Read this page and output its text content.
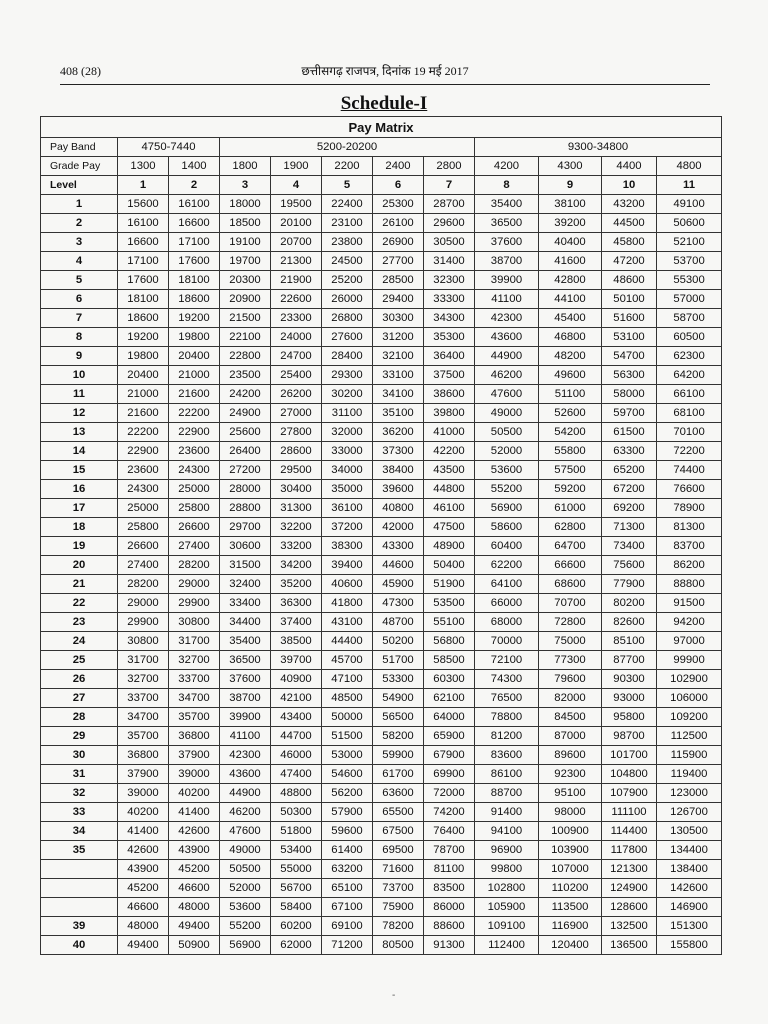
408 (28)	छत्तीसगढ़ राजपत्र, दिनांक 19 मई 2017
Schedule-I
Pay Matrix											
Pay Band	4750-7440		5200-20200					9300-34800			
Grade Pay	1300	1400	1800	1900	2200	2400	2800	4200	4300	4400	4800
Level	1	2	3	4	5	6	7	8	9	10	11
1	15600	16100	18000	19500	22400	25300	28700	35400	38100	43200	49100
2	16100	16600	18500	20100	23100	26100	29600	36500	39200	44500	50600
3	16600	17100	19100	20700	23800	26900	30500	37600	40400	45800	52100
4	17100	17600	19700	21300	24500	27700	31400	38700	41600	47200	53700
5	17600	18100	20300	21900	25200	28500	32300	39900	42800	48600	55300
6	18100	18600	20900	22600	26000	29400	33300	41100	44100	50100	57000
7	18600	19200	21500	23300	26800	30300	34300	42300	45400	51600	58700
8	19200	19800	22100	24000	27600	31200	35300	43600	46800	53100	60500
9	19800	20400	22800	24700	28400	32100	36400	44900	48200	54700	62300
10	20400	21000	23500	25400	29300	33100	37500	46200	49600	56300	64200
11	21000	21600	24200	26200	30200	34100	38600	47600	51100	58000	66100
12	21600	22200	24900	27000	31100	35100	39800	49000	52600	59700	68100
13	22200	22900	25600	27800	32000	36200	41000	50500	54200	61500	70100
14	22900	23600	26400	28600	33000	37300	42200	52000	55800	63300	72200
15	23600	24300	27200	29500	34000	38400	43500	53600	57500	65200	74400
16	24300	25000	28000	30400	35000	39600	44800	55200	59200	67200	76600
17	25000	25800	28800	31300	36100	40800	46100	56900	61000	69200	78900
18	25800	26600	29700	32200	37200	42000	47500	58600	62800	71300	81300
19	26600	27400	30600	33200	38300	43300	48900	60400	64700	73400	83700
20	27400	28200	31500	34200	39400	44600	50400	62200	66600	75600	86200
21	28200	29000	32400	35200	40600	45900	51900	64100	68600	77900	88800
22	29000	29900	33400	36300	41800	47300	53500	66000	70700	80200	91500
23	29900	30800	34400	37400	43100	48700	55100	68000	72800	82600	94200
24	30800	31700	35400	38500	44400	50200	56800	70000	75000	85100	97000
25	31700	32700	36500	39700	45700	51700	58500	72100	77300	87700	99900
26	32700	33700	37600	40900	47100	53300	60300	74300	79600	90300	102900
27	33700	34700	38700	42100	48500	54900	62100	76500	82000	93000	106000
28	34700	35700	39900	43400	50000	56500	64000	78800	84500	95800	109200
29	35700	36800	41100	44700	51500	58200	65900	81200	87000	98700	112500
30	36800	37900	42300	46000	53000	59900	67900	83600	89600	101700	115900
31	37900	39000	43600	47400	54600	61700	69900	86100	92300	104800	119400
32	39000	40200	44900	48800	56200	63600	72000	88700	95100	107900	123000
33	40200	41400	46200	50300	57900	65500	74200	91400	98000	111100	126700
34	41400	42600	47600	51800	59600	67500	76400	94100	100900	114400	130500
35	42600	43900	49000	53400	61400	69500	78700	96900	103900	117800	134400
	43900	45200	50500	55000	63200	71600	81100	99800	107000	121300	138400
	45200	46600	52000	56700	65100	73700	83500	102800	110200	124900	142600
	46600	48000	53600	58400	67100	75900	86000	105900	113500	128600	146900
39	48000	49400	55200	60200	69100	78200	88600	109100	116900	132500	151300
40	49400	50900	56900	62000	71200	80500	91300	112400	120400	136500	155800
-
